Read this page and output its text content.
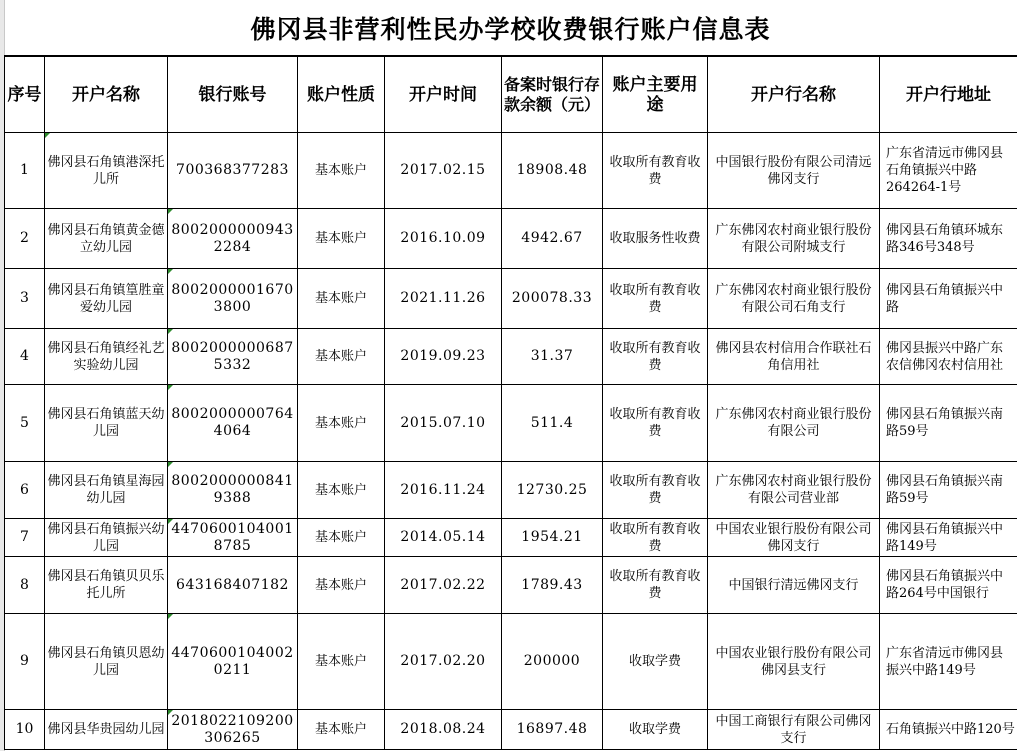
佛冈县非营利性民办学校收费银行账户信息表
序号	开户名称	银行账号	账户性质	开户时间	备案时银行存款余额（元）	账户主要用途	开户行名称	开户行地址
1	佛冈县石角镇港深托儿所	700368377283	基本账户	2017.02.15	18908.48	收取所有教育收费	中国银行股份有限公司清远佛冈支行	广东省清远市佛冈县石角镇振兴中路264264-1号
2	佛冈县石角镇黄金德立幼儿园	80020000009432284	基本账户	2016.10.09	4942.67	收取服务性收费	广东佛冈农村商业银行股份有限公司附城支行	佛冈县石角镇环城东路346号348号
3	佛冈县石角镇篁胜童爱幼儿园	80020000016703800	基本账户	2021.11.26	200078.33	收取所有教育收费	广东佛冈农村商业银行股份有限公司石角支行	佛冈县石角镇振兴中路
4	佛冈县石角镇经礼艺实验幼儿园	80020000006875332	基本账户	2019.09.23	31.37	收取所有教育收费	佛冈县农村信用合作联社石角信用社	佛冈县振兴中路广东农信佛冈农村信用社
5	佛冈县石角镇蓝天幼儿园	80020000007644064	基本账户	2015.07.10	511.4	收取所有教育收费	广东佛冈农村商业银行股份有限公司	佛冈县石角镇振兴南路59号
6	佛冈县石角镇星海园幼儿园	80020000008419388	基本账户	2016.11.24	12730.25	收取所有教育收费	广东佛冈农村商业银行股份有限公司营业部	佛冈县石角镇振兴南路59号
7	佛冈县石角镇振兴幼儿园	44706001040018785	基本账户	2014.05.14	1954.21	收取所有教育收费	中国农业银行股份有限公司佛冈支行	佛冈县石角镇振兴中路149号
8	佛冈县石角镇贝贝乐托儿所	643168407182	基本账户	2017.02.22	1789.43	收取所有教育收费	中国银行清远佛冈支行	佛冈县石角镇振兴中路264号中国银行
9	佛冈县石角镇贝恩幼儿园	44706001040020211	基本账户	2017.02.20	200000	收取学费	中国农业银行股份有限公司佛冈县支行	广东省清远市佛冈县振兴中路149号
10	佛冈县华贵园幼儿园	2018022109200306265	基本账户	2018.08.24	16897.48	收取学费	中国工商银行有限公司佛冈支行	石角镇振兴中路120号
